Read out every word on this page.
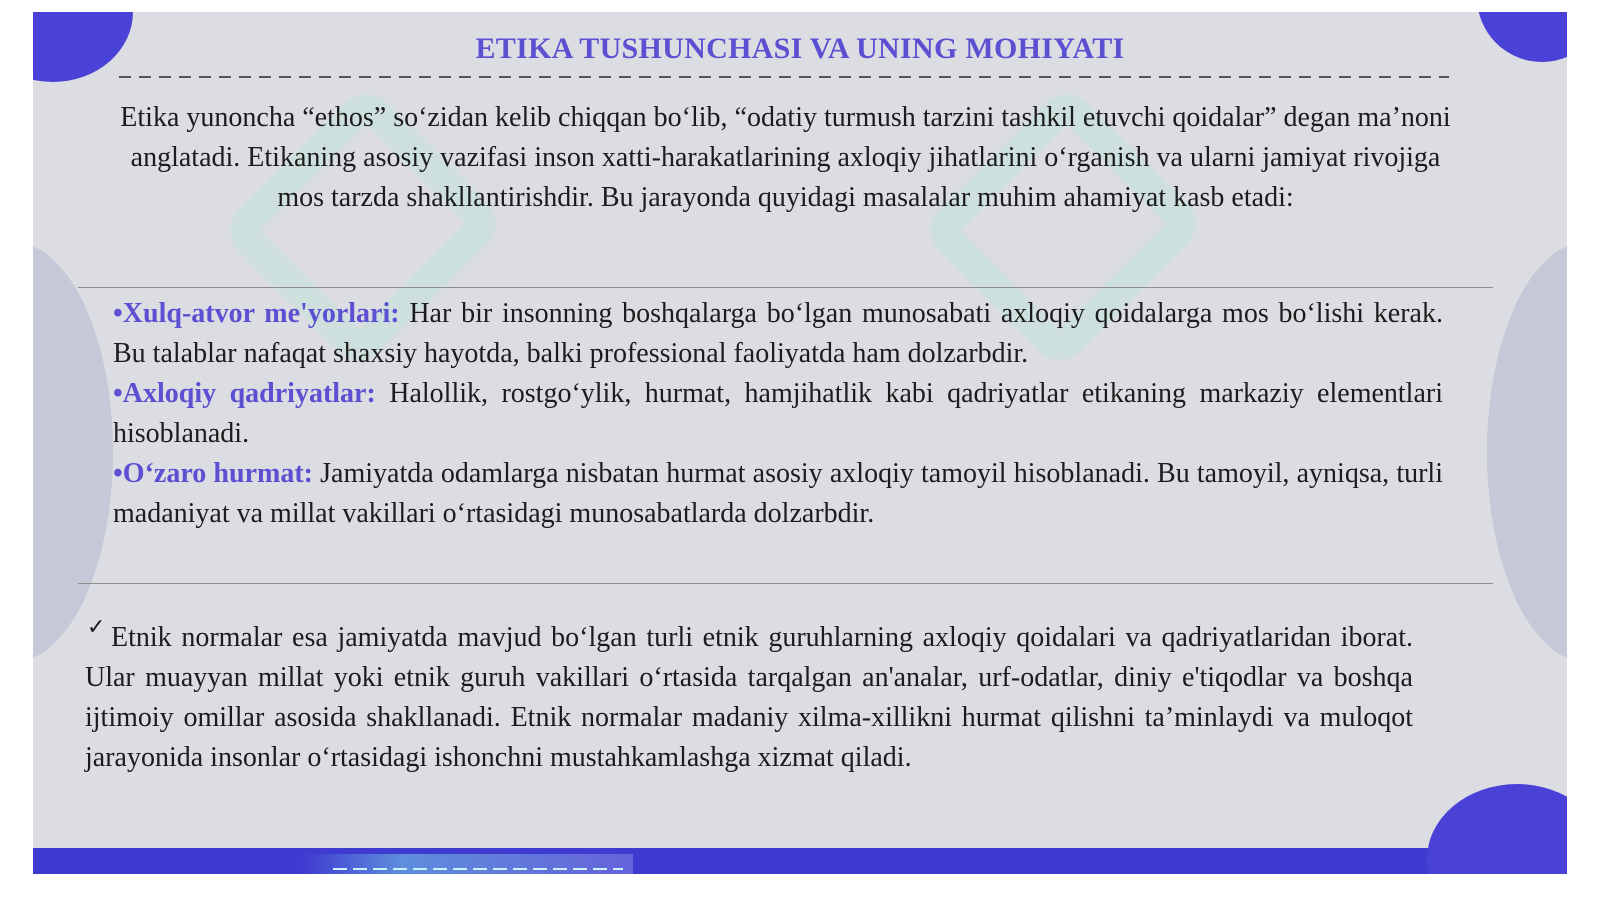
ETIKA TUSHUNCHASI VA UNING MOHIYATI
Etika yunoncha “ethos” so‘zidan kelib chiqqan bo‘lib, “odatiy turmush tarzini tashkil etuvchi qoidalar” degan ma’noni anglatadi. Etikaning asosiy vazifasi inson xatti-harakatlarining axloqiy jihatlarini o‘rganish va ularni jamiyat rivojiga mos tarzda shakllantirishdir. Bu jarayonda quyidagi masalalar muhim ahamiyat kasb etadi:

•Xulq-atvor me'yorlari: Har bir insonning boshqalarga bo‘lgan munosabati axloqiy qoidalarga mos bo‘lishi kerak. Bu talablar nafaqat shaxsiy hayotda, balki professional faoliyatda ham dolzarbdir.

•Axloqiy qadriyatlar: Halollik, rostgo‘ylik, hurmat, hamjihatlik kabi qadriyatlar etikaning markaziy elementlari hisoblanadi.

•O‘zaro hurmat: Jamiyatda odamlarga nisbatan hurmat asosiy axloqiy tamoyil hisoblanadi. Bu tamoyil, ayniqsa, turli madaniyat va millat vakillari o‘rtasidagi munosabatlarda dolzarbdir.

✓ Etnik normalar esa jamiyatda mavjud bo‘lgan turli etnik guruhlarning axloqiy qoidalari va qadriyatlaridan iborat. Ular muayyan millat yoki etnik guruh vakillari o‘rtasida tarqalgan an'analar, urf-odatlar, diniy e'tiqodlar va boshqa ijtimoiy omillar asosida shakllanadi. Etnik normalar madaniy xilma-xillikni hurmat qilishni ta’minlaydi va muloqot jarayonida insonlar o‘rtasidagi ishonchni mustahkamlashga xizmat qiladi.
